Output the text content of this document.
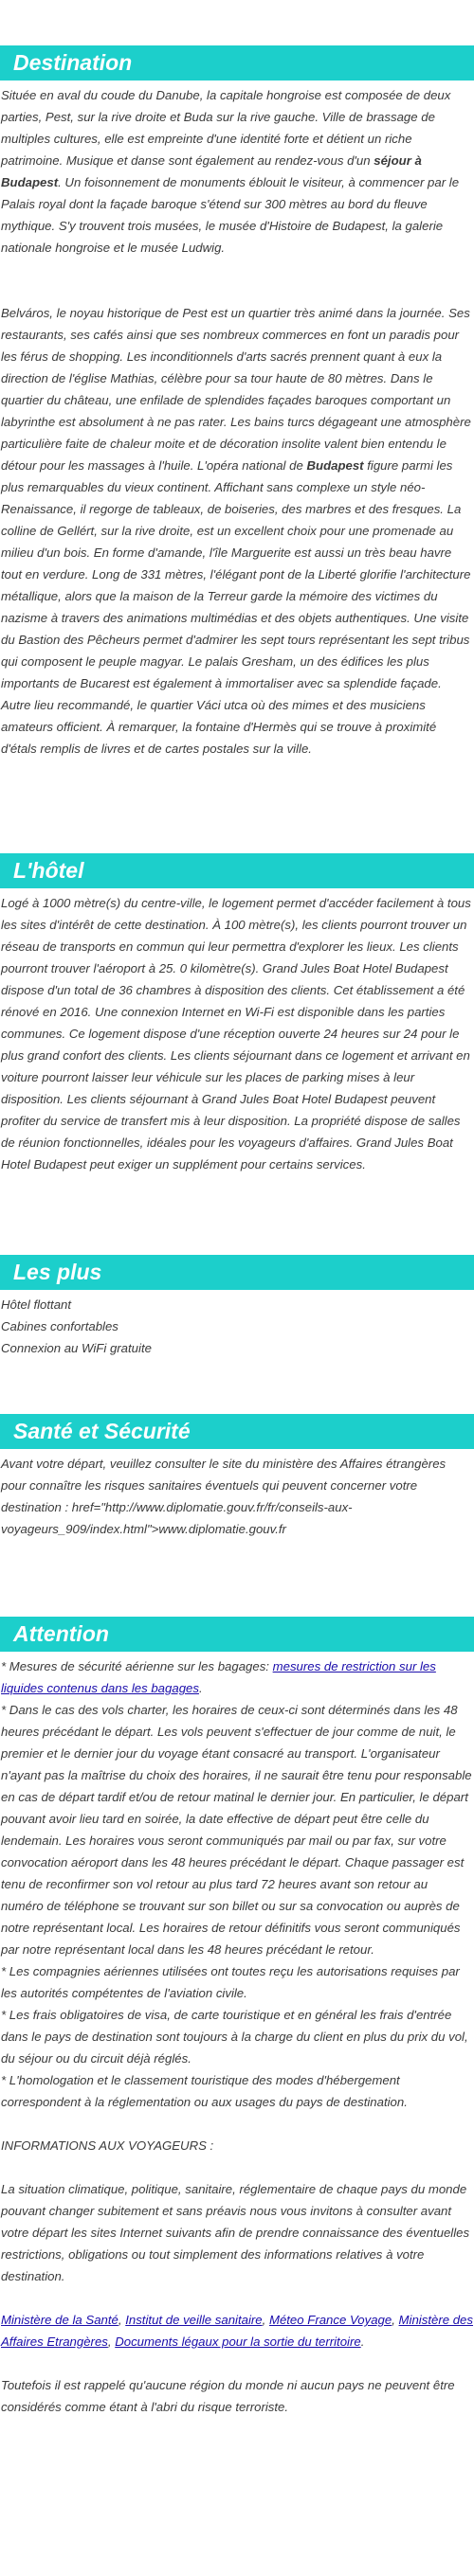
Destination

Située en aval du coude du Danube, la capitale hongroise est composée de deux parties, Pest, sur la rive droite et Buda sur la rive gauche. Ville de brassage de multiples cultures, elle est empreinte d'une identité forte et détient un riche patrimoine. Musique et danse sont également au rendez-vous d'un séjour à Budapest. Un foisonnement de monuments éblouit le visiteur, à commencer par le Palais royal dont la façade baroque s'étend sur 300 mètres au bord du fleuve mythique. S'y trouvent trois musées, le musée d'Histoire de Budapest, la galerie nationale hongroise et le musée Ludwig.

Belváros, le noyau historique de Pest est un quartier très animé dans la journée. Ses restaurants, ses cafés ainsi que ses nombreux commerces en font un paradis pour les férus de shopping. Les inconditionnels d'arts sacrés prennent quant à eux la direction de l'église Mathias, célèbre pour sa tour haute de 80 mètres. Dans le quartier du château, une enfilade de splendides façades baroques comportant un labyrinthe est absolument à ne pas rater. Les bains turcs dégageant une atmosphère particulière faite de chaleur moite et de décoration insolite valent bien entendu le détour pour les massages à l'huile. L'opéra national de Budapest figure parmi les plus remarquables du vieux continent. Affichant sans complexe un style néo-Renaissance, il regorge de tableaux, de boiseries, des marbres et des fresques. La colline de Gellért, sur la rive droite, est un excellent choix pour une promenade au milieu d'un bois. En forme d'amande, l'île Marguerite est aussi un très beau havre tout en verdure. Long de 331 mètres, l'élégant pont de la Liberté glorifie l'architecture métallique, alors que la maison de la Terreur garde la mémoire des victimes du nazisme à travers des animations multimédias et des objets authentiques. Une visite du Bastion des Pêcheurs permet d'admirer les sept tours représentant les sept tribus qui composent le peuple magyar. Le palais Gresham, un des édifices les plus importants de Bucarest est également à immortaliser avec sa splendide façade. Autre lieu recommandé, le quartier Váci utca où des mimes et des musiciens amateurs officient. À remarquer, la fontaine d'Hermès qui se trouve à proximité d'étals remplis de livres et de cartes postales sur la ville.

L'hôtel

Logé à 1000 mètre(s) du centre-ville, le logement permet d'accéder facilement à tous les sites d'intérêt de cette destination. À 100 mètre(s), les clients pourront trouver un réseau de transports en commun qui leur permettra d'explorer les lieux. Les clients pourront trouver l'aéroport à 25. 0 kilomètre(s). Grand Jules Boat Hotel Budapest dispose d'un total de 36 chambres à disposition des clients. Cet établissement a été rénové en 2016. Une connexion Internet en Wi-Fi est disponible dans les parties communes. Ce logement dispose d'une réception ouverte 24 heures sur 24 pour le plus grand confort des clients. Les clients séjournant dans ce logement et arrivant en voiture pourront laisser leur véhicule sur les places de parking mises à leur disposition. Les clients séjournant à Grand Jules Boat Hotel Budapest peuvent profiter du service de transfert mis à leur disposition. La propriété dispose de salles de réunion fonctionnelles, idéales pour les voyageurs d'affaires. Grand Jules Boat Hotel Budapest peut exiger un supplément pour certains services.

Les plus

Hôtel flottant

Cabines confortables

Connexion au WiFi gratuite

Santé et Sécurité

Avant votre départ, veuillez consulter le site du ministère des Affaires étrangères pour connaître les risques sanitaires éventuels qui peuvent concerner votre destination : href="http://www.diplomatie.gouv.fr/fr/conseils-aux-voyageurs_909/index.html">www.diplomatie.gouv.fr

Attention

* Mesures de sécurité aérienne sur les bagages: mesures de restriction sur les liquides contenus dans les bagages.

* Dans le cas des vols charter, les horaires de ceux-ci sont déterminés dans les 48 heures précédant le départ. Les vols peuvent s'effectuer de jour comme de nuit, le premier et le dernier jour du voyage étant consacré au transport. L'organisateur n'ayant pas la maîtrise du choix des horaires, il ne saurait être tenu pour responsable en cas de départ tardif et/ou de retour matinal le dernier jour. En particulier, le départ pouvant avoir lieu tard en soirée, la date effective de départ peut être celle du lendemain. Les horaires vous seront communiqués par mail ou par fax, sur votre convocation aéroport dans les 48 heures précédant le départ. Chaque passager est tenu de reconfirmer son vol retour au plus tard 72 heures avant son retour au numéro de téléphone se trouvant sur son billet ou sur sa convocation ou auprès de notre représentant local. Les horaires de retour définitifs vous seront communiqués par notre représentant local dans les 48 heures précédant le retour.

* Les compagnies aériennes utilisées ont toutes reçu les autorisations requises par les autorités compétentes de l'aviation civile.

* Les frais obligatoires de visa, de carte touristique et en général les frais d'entrée dans le pays de destination sont toujours à la charge du client en plus du prix du vol, du séjour ou du circuit déjà réglés.

* L'homologation et le classement touristique des modes d'hébergement correspondent à la réglementation ou aux usages du pays de destination.

INFORMATIONS AUX VOYAGEURS :

La situation climatique, politique, sanitaire, réglementaire de chaque pays du monde pouvant changer subitement et sans préavis nous vous invitons à consulter avant votre départ les sites Internet suivants afin de prendre connaissance des éventuelles restrictions, obligations ou tout simplement des informations relatives à votre destination.

Ministère de la Santé, Institut de veille sanitaire, Méteo France Voyage, Ministère des Affaires Etrangères, Documents légaux pour la sortie du territoire.

Toutefois il est rappelé qu'aucune région du monde ni aucun pays ne peuvent être considérés comme étant à l'abri du risque terroriste.
